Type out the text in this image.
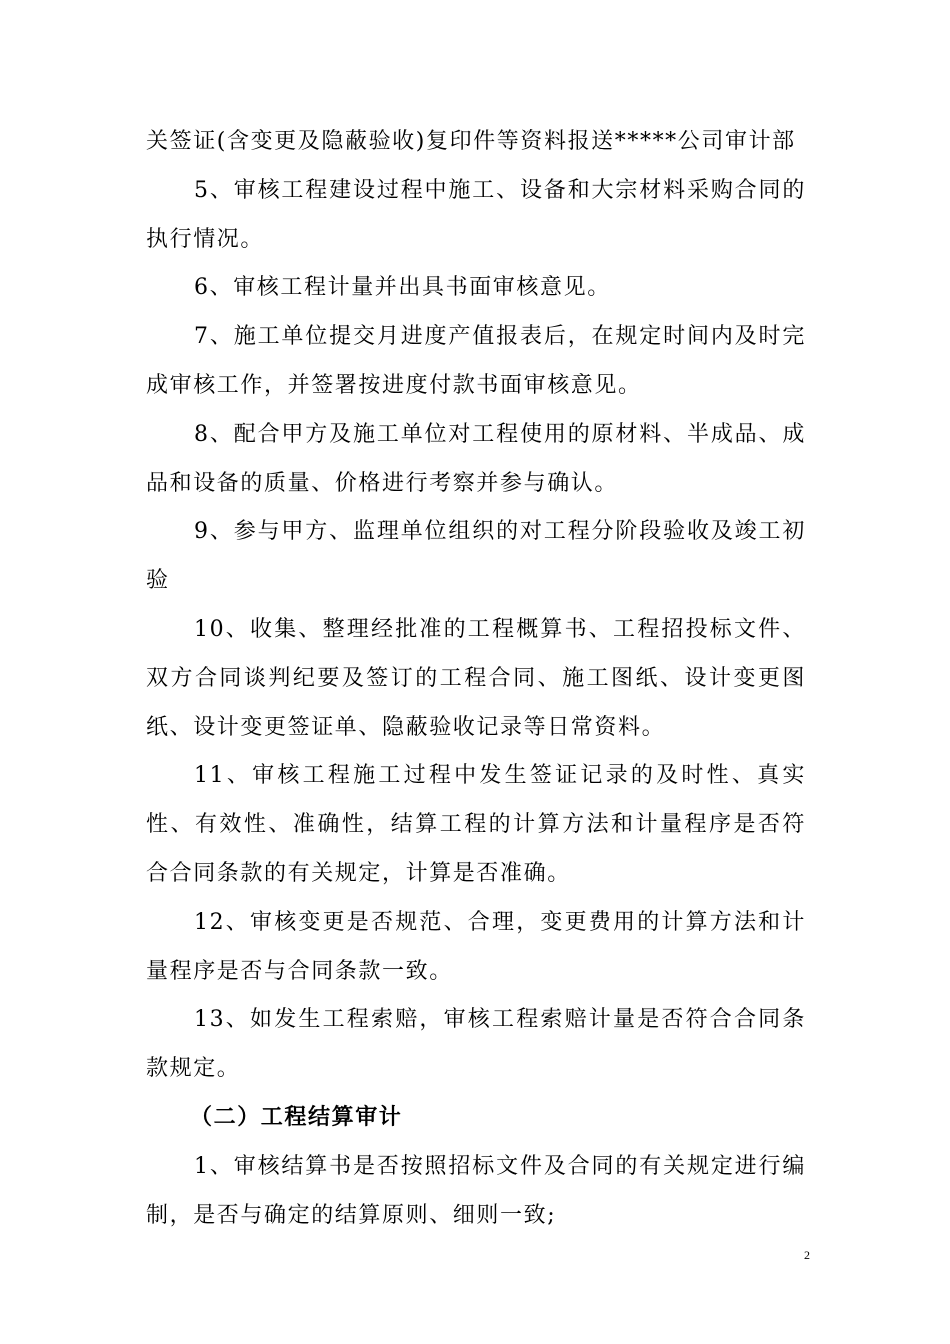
关签证(含变更及隐蔽验收)复印件等资料报送*****公司审计部

5、审核工程建设过程中施工、设备和大宗材料采购合同的执行情况。

6、审核工程计量并出具书面审核意见。

7、施工单位提交月进度产值报表后，在规定时间内及时完成审核工作，并签署按进度付款书面审核意见。

8、配合甲方及施工单位对工程使用的原材料、半成品、成品和设备的质量、价格进行考察并参与确认。

9、参与甲方、监理单位组织的对工程分阶段验收及竣工初验

10、收集、整理经批准的工程概算书、工程招投标文件、双方合同谈判纪要及签订的工程合同、施工图纸、设计变更图纸、设计变更签证单、隐蔽验收记录等日常资料。

11、审核工程施工过程中发生签证记录的及时性、真实性、有效性、准确性，结算工程的计算方法和计量程序是否符合合同条款的有关规定，计算是否准确。

12、审核变更是否规范、合理，变更费用的计算方法和计量程序是否与合同条款一致。

13、如发生工程索赔，审核工程索赔计量是否符合合同条款规定。

（二）工程结算审计

1、审核结算书是否按照招标文件及合同的有关规定进行编制，是否与确定的结算原则、细则一致;

2
